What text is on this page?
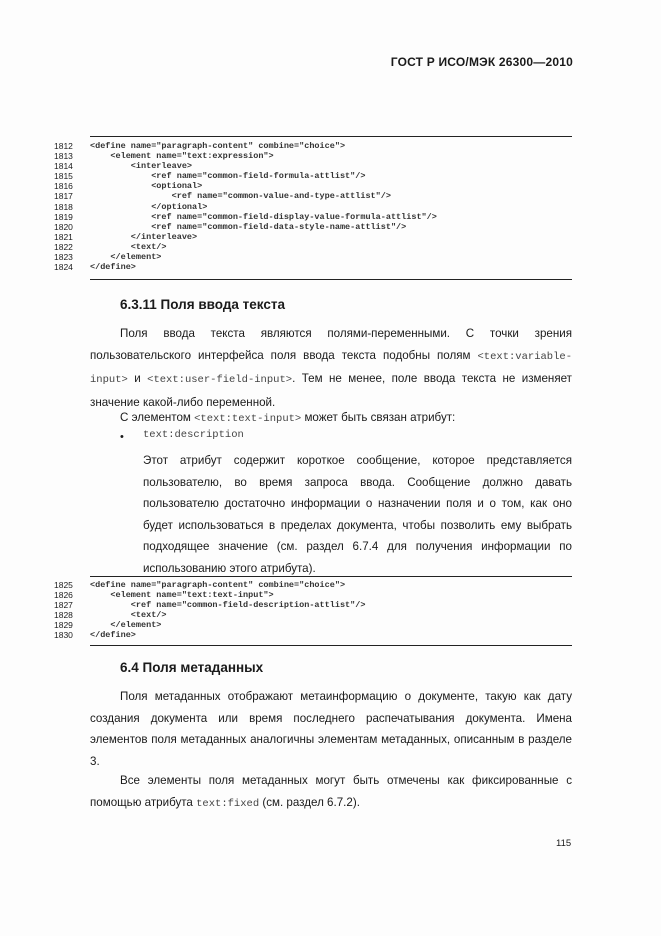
ГОСТ Р ИСО/МЭК 26300—2010
1812	<define name="paragraph-content" combine="choice">
1813	<element name="text:expression">
1814	<interleave>
1815	<ref name="common-field-formula-attlist"/>
1816	<optional>
1817	<ref name="common-value-and-type-attlist"/>
1818	</optional>
1819	<ref name="common-field-display-value-formula-attlist"/>
1820	<ref name="common-field-data-style-name-attlist"/>
1821	</interleave>
1822	<text/>
1823	</element>
1824	</define>
6.3.11 Поля ввода текста
Поля ввода текста являются полями-переменными. С точки зрения пользовательского интерфейса поля ввода текста подобны полям <text:variable-input> и <text:user-field-input>. Тем не менее, поле ввода текста не изменяет значение какой-либо переменной.
С элементом <text:text-input> может быть связан атрибут:
• text:description
Этот атрибут содержит короткое сообщение, которое представляется пользователю, во время запроса ввода. Сообщение должно давать пользователю достаточно информации о назначении поля и о том, как оно будет использоваться в пределах документа, чтобы позволить ему выбрать подходящее значение (см. раздел 6.7.4 для получения информации по использованию этого атрибута).
1825	<define name="paragraph-content" combine="choice">
1826	<element name="text:text-input">
1827	<ref name="common-field-description-attlist"/>
1828	<text/>
1829	</element>
1830	</define>
6.4 Поля метаданных
Поля метаданных отображают метаинформацию о документе, такую как дату создания документа или время последнего распечатывания документа. Имена элементов поля метаданных аналогичны элементам метаданных, описанным в разделе 3.
Все элементы поля метаданных могут быть отмечены как фиксированные с помощью атрибута text:fixed (см. раздел 6.7.2).
115
